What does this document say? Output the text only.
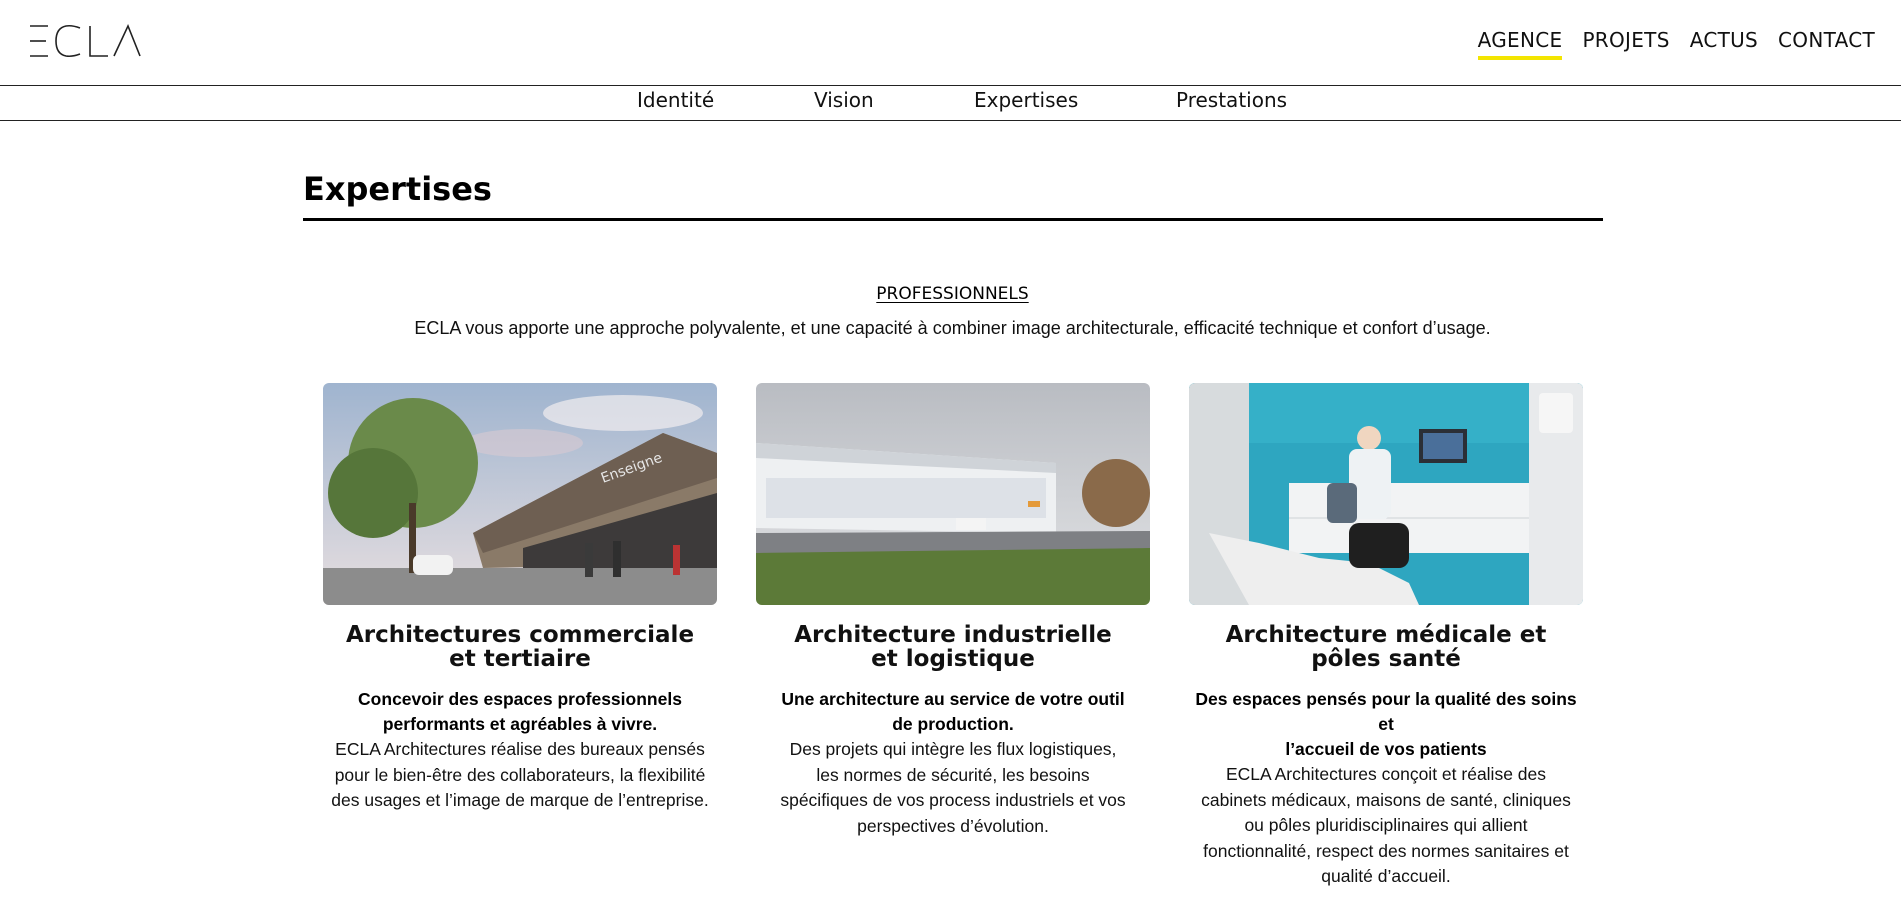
AGENCE PROJETS ACTUS CONTACT
Identité	Vision	Expertises	Prestations
Expertises
PROFESSIONNELS

ECLA vous apporte une approche polyvalente, et une capacité à combiner image architecturale, efficacité technique et confort d’usage.

Enseigne
Architectures commerciale
et tertiaire

Concevoir des espaces professionnels
performants et agréables à vivre.

ECLA Architectures réalise des bureaux pensés
pour le bien-être des collaborateurs, la flexibilité
des usages et l’image de marque de l’entreprise.

Architecture industrielle
et logistique

Une architecture au service de votre outil
de production.

Des projets qui intègre les flux logistiques,
les normes de sécurité, les besoins
spécifiques de vos process industriels et vos
perspectives d’évolution.

Architecture médicale et
pôles santé

Des espaces pensés pour la qualité des soins et
l’accueil de vos patients

ECLA Architectures conçoit et réalise des
cabinets médicaux, maisons de santé, cliniques
ou pôles pluridisciplinaires qui allient
fonctionnalité, respect des normes sanitaires et
qualité d’accueil.
